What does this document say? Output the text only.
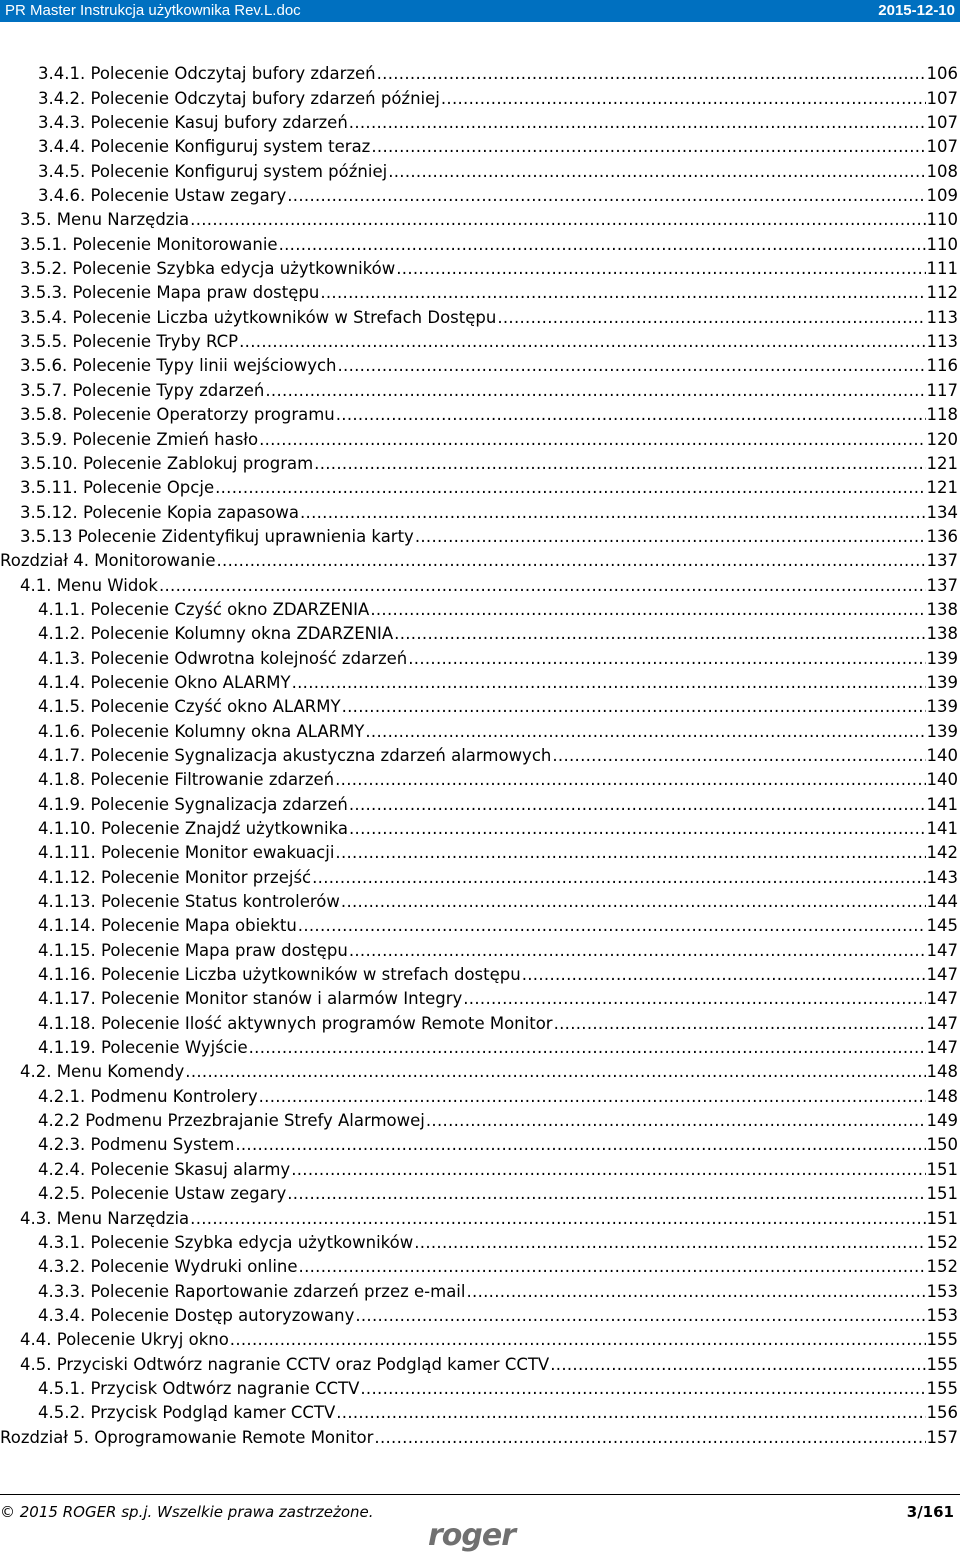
PR Master Instrukcja użytkownika Rev.L.doc	2015-12-10
3.4.1. Polecenie Odczytaj bufory zdarzeń .....	106
3.4.2. Polecenie Odczytaj bufory zdarzeń później .....	107
3.4.3. Polecenie Kasuj bufory zdarzeń .....	107
3.4.4. Polecenie Konfiguruj system teraz .....	107
3.4.5. Polecenie Konfiguruj system później .....	108
3.4.6. Polecenie Ustaw zegary .....	109
3.5. Menu Narzędzia .....	110
3.5.1. Polecenie Monitorowanie .....	110
3.5.2. Polecenie Szybka edycja użytkowników .....	111
3.5.3. Polecenie Mapa praw dostępu .....	112
3.5.4. Polecenie Liczba użytkowników w Strefach Dostępu .....	113
3.5.5. Polecenie Tryby RCP .....	113
3.5.6. Polecenie Typy linii wejściowych .....	116
3.5.7. Polecenie Typy zdarzeń .....	117
3.5.8. Polecenie Operatorzy programu .....	118
3.5.9. Polecenie Zmień hasło .....	120
3.5.10. Polecenie Zablokuj program .....	121
3.5.11. Polecenie Opcje .....	121
3.5.12. Polecenie Kopia zapasowa .....	134
3.5.13 Polecenie Zidentyfikuj uprawnienia karty .....	136
Rozdział 4. Monitorowanie .....	137
4.1. Menu Widok .....	137
4.1.1. Polecenie Czyść okno ZDARZENIA .....	138
4.1.2. Polecenie Kolumny okna ZDARZENIA .....	138
4.1.3. Polecenie Odwrotna kolejność zdarzeń .....	139
4.1.4. Polecenie Okno ALARMY .....	139
4.1.5. Polecenie Czyść okno ALARMY .....	139
4.1.6. Polecenie Kolumny okna ALARMY .....	139
4.1.7. Polecenie Sygnalizacja akustyczna zdarzeń alarmowych .....	140
4.1.8. Polecenie Filtrowanie zdarzeń .....	140
4.1.9. Polecenie Sygnalizacja zdarzeń .....	141
4.1.10. Polecenie Znajdź użytkownika .....	141
4.1.11. Polecenie Monitor ewakuacji .....	142
4.1.12. Polecenie Monitor przejść .....	143
4.1.13. Polecenie Status kontrolerów .....	144
4.1.14. Polecenie Mapa obiektu .....	145
4.1.15. Polecenie Mapa praw dostępu .....	147
4.1.16. Polecenie Liczba użytkowników w strefach dostępu .....	147
4.1.17. Polecenie Monitor stanów i alarmów Integry .....	147
4.1.18. Polecenie Ilość aktywnych programów Remote Monitor .....	147
4.1.19. Polecenie Wyjście .....	147
4.2. Menu Komendy .....	148
4.2.1. Podmenu Kontrolery .....	148
4.2.2 Podmenu Przezbrajanie Strefy Alarmowej .....	149
4.2.3. Podmenu System .....	150
4.2.4. Polecenie Skasuj alarmy .....	151
4.2.5. Polecenie Ustaw zegary .....	151
4.3. Menu Narzędzia .....	151
4.3.1. Polecenie Szybka edycja użytkowników .....	152
4.3.2. Polecenie Wydruki online .....	152
4.3.3. Polecenie Raportowanie zdarzeń przez e-mail .....	153
4.3.4. Polecenie Dostęp autoryzowany .....	153
4.4. Polecenie Ukryj okno .....	155
4.5. Przyciski Odtwórz nagranie CCTV oraz Podgląd kamer CCTV .....	155
4.5.1. Przycisk Odtwórz nagranie CCTV .....	155
4.5.2. Przycisk Podgląd kamer CCTV .....	156
Rozdział 5. Oprogramowanie Remote Monitor .....	157
© 2015 ROGER sp.j. Wszelkie prawa zastrzeżone.	3/161
roger
